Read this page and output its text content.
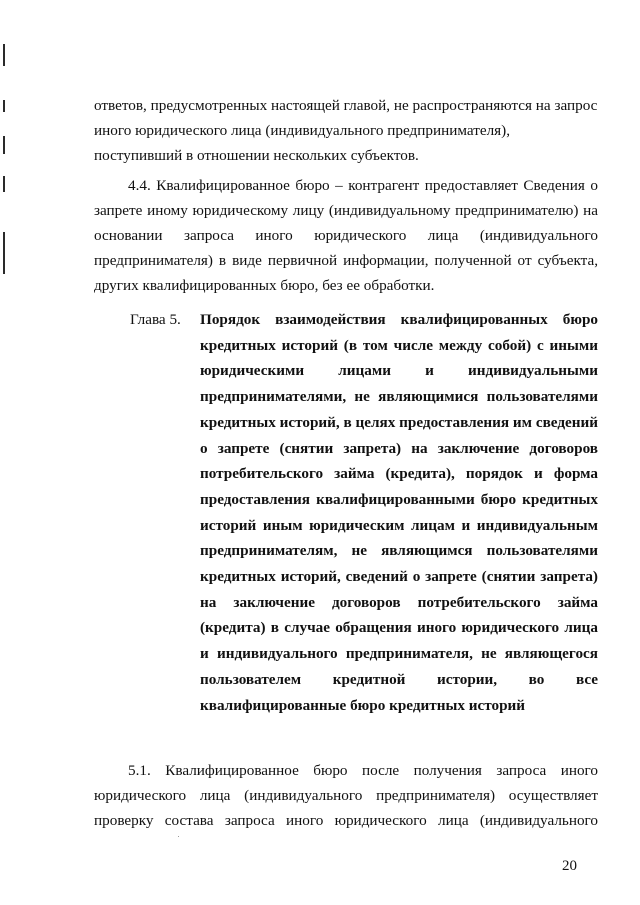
ответов, предусмотренных настоящей главой, не распространяются на запрос иного юридического лица (индивидуального предпринимателя), поступивший в отношении нескольких субъектов.

4.4. Квалифицированное бюро – контрагент предоставляет Сведения о запрете иному юридическому лицу (индивидуальному предпринимателю) на основании запроса иного юридического лица (индивидуального предпринимателя) в виде первичной информации, полученной от субъекта, других квалифицированных бюро, без ее обработки.

Глава 5. Порядок взаимодействия квалифицированных бюро кредитных историй (в том числе между собой) с иными юридическими лицами и индивидуальными предпринимателями, не являющимися пользователями кредитных историй, в целях предоставления им сведений о запрете (снятии запрета) на заключение договоров потребительского займа (кредита), порядок и форма предоставления квалифицированными бюро кредитных историй иным юридическим лицам и индивидуальным предпринимателям, не являющимся пользователями кредитных историй, сведений о запрете (снятии запрета) на заключение договоров потребительского займа (кредита) в случае обращения иного юридического лица и индивидуального предпринимателя, не являющегося пользователем кредитной истории, во все квалифицированные бюро кредитных историй

5.1. Квалифицированное бюро после получения запроса иного юридического лица (индивидуального предпринимателя) осуществляет проверку состава запроса иного юридического лица (индивидуального

20
